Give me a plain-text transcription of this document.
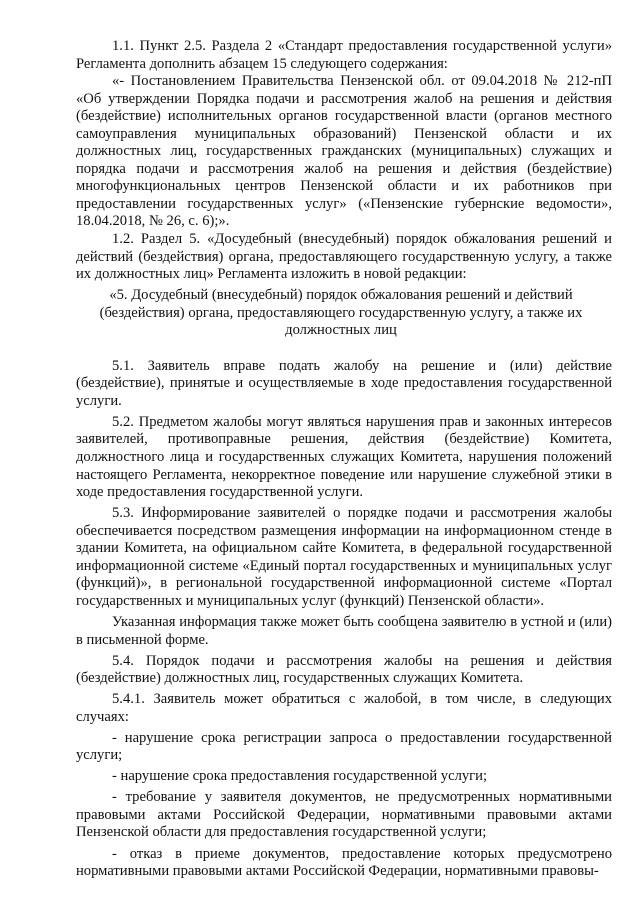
1.1. Пункт 2.5. Раздела 2 «Стандарт предоставления государственной услуги» Регламента дополнить абзацем 15 следующего содержания:

«- Постановлением Правительства Пензенской обл. от 09.04.2018 № 212-пП «Об утверждении Порядка подачи и рассмотрения жалоб на решения и действия (бездействие) исполнительных органов государственной власти (органов местного самоуправления муниципальных образований) Пензенской области и их должностных лиц, государственных гражданских (муниципальных) служащих и порядка подачи и рассмотрения жалоб на решения и действия (бездействие) многофункциональных центров Пензенской области и их работников при предоставлении государственных услуг» («Пензенские губернские ведомости», 18.04.2018, № 26, с. 6);».

1.2. Раздел 5. «Досудебный (внесудебный) порядок обжалования решений и действий (бездействия) органа, предоставляющего государственную услугу, а также их должностных лиц» Регламента изложить в новой редакции:

«5. Досудебный (внесудебный) порядок обжалования решений и действий
(бездействия) органа, предоставляющего государственную услугу, а также их
должностных лиц

5.1. Заявитель вправе подать жалобу на решение и (или) действие (бездействие), принятые и осуществляемые в ходе предоставления государственной услуги.

5.2. Предметом жалобы могут являться нарушения прав и законных интересов заявителей, противоправные решения, действия (бездействие) Комитета, должностного лица и государственных служащих Комитета, нарушения положений настоящего Регламента, некорректное поведение или нарушение служебной этики в ходе предоставления государственной услуги.

5.3. Информирование заявителей о порядке подачи и рассмотрения жалобы обеспечивается посредством размещения информации на информационном стенде в здании Комитета, на официальном сайте Комитета, в федеральной государственной информационной системе «Единый портал государственных и муниципальных услуг (функций)», в региональной государственной информационной системе «Портал государственных и муниципальных услуг (функций) Пензенской области».

Указанная информация также может быть сообщена заявителю в устной и (или) в письменной форме.

5.4. Порядок подачи и рассмотрения жалобы на решения и действия (бездействие) должностных лиц, государственных служащих Комитета.

5.4.1. Заявитель может обратиться с жалобой, в том числе, в следующих случаях:

- нарушение срока регистрации запроса о предоставлении государственной услуги;

- нарушение срока предоставления государственной услуги;

- требование у заявителя документов, не предусмотренных нормативными правовыми актами Российской Федерации, нормативными правовыми актами Пензенской области для предоставления государственной услуги;

- отказ в приеме документов, предоставление которых предусмотрено нормативными правовыми актами Российской Федерации, нормативными правовы-
